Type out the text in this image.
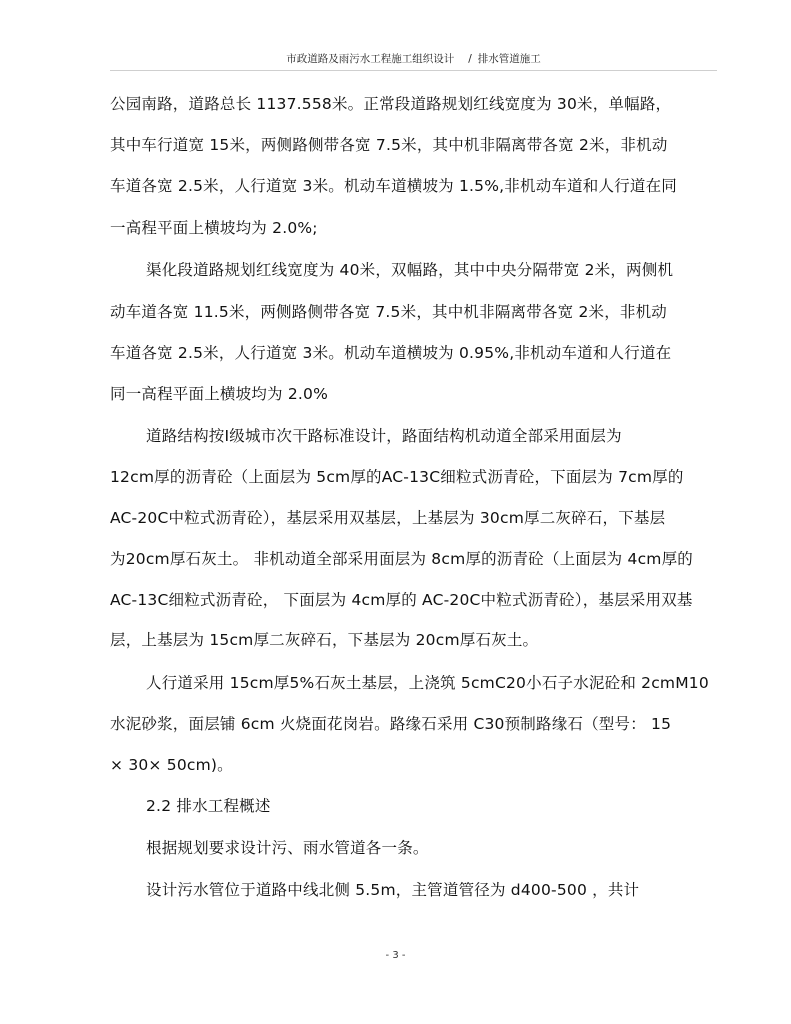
市政道路及雨污水工程施工组织设计 / 排水管道施工
公园南路，道路总长 1137.558米。正常段道路规划红线宽度为 30米，单幅路，
其中车行道宽 15米，两侧路侧带各宽 7.5米，其中机非隔离带各宽 2米，非机动
车道各宽 2.5米，人行道宽 3米。机动车道横坡为 1.5%,非机动车道和人行道在同
一高程平面上横坡均为 2.0%;
渠化段道路规划红线宽度为 40米，双幅路，其中中央分隔带宽 2米，两侧机
动车道各宽 11.5米，两侧路侧带各宽 7.5米，其中机非隔离带各宽 2米，非机动
车道各宽 2.5米，人行道宽 3米。机动车道横坡为 0.95%,非机动车道和人行道在
同一高程平面上横坡均为 2.0%
道路结构按Ⅰ级城市次干路标准设计，路面结构机动道全部采用面层为
12cm厚的沥青砼（上面层为 5cm厚的AC-13C细粒式沥青砼，下面层为 7cm厚的
AC-20C中粒式沥青砼），基层采用双基层，上基层为 30cm厚二灰碎石，下基层
为20cm厚石灰土。 非机动道全部采用面层为 8cm厚的沥青砼（上面层为 4cm厚的
AC-13C细粒式沥青砼， 下面层为 4cm厚的 AC-20C中粒式沥青砼），基层采用双基
层，上基层为 15cm厚二灰碎石，下基层为 20cm厚石灰土。
人行道采用 15cm厚5%石灰土基层，上浇筑 5cmC20小石子水泥砼和 2cmM10
水泥砂浆，面层铺 6cm 火烧面花岗岩。路缘石采用 C30预制路缘石（型号： 15
× 30× 50cm)。
2.2 排水工程概述
根据规划要求设计污、雨水管道各一条。
设计污水管位于道路中线北侧 5.5m，主管道管径为 d400-500 ，共计
- 3 -
